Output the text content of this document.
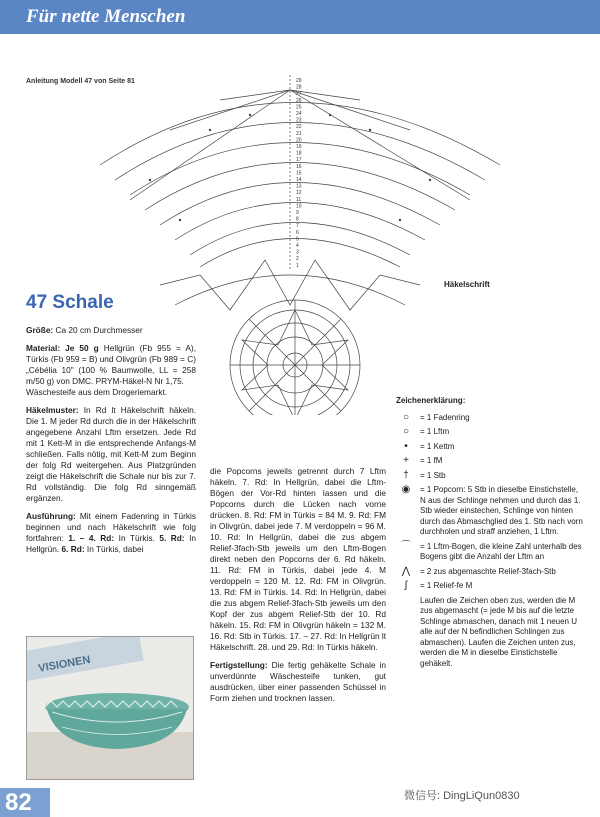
Für nette Menschen
Anleitung Modell 47 von Seite 81	29
28
27
26
25
24
23
22
21
20
19
18
17
16
15
14
13
12
11
10
9
8
7
6
5
4
3
2
1
Häkelschrift
47 Schale

Größe: Ca 20 cm Durchmesser

Material: Je 50 g Hellgrün (Fb 955 = A), Türkis (Fb 959 = B) und Olivgrün (Fb 989 = C) „Cébélia 10" (100 % Baumwolle, LL = 258 m/50 g) von DMC. PRYM-Häkel-N Nr 1,75.
Wäschesteife aus dem Drogeriemarkt.

Häkelmuster: In Rd lt Häkelschrift häkeln. Die 1. M jeder Rd durch die in der Häkelschrift angegebene Anzahl Lftm ersetzen. Jede Rd mit 1 Kett-M in die entsprechende Anfangs-M schließen. Falls nötig, mit Kett-M zum Beginn der folg Rd weitergehen. Aus Platzgründen zeigt die Häkelschrift die Schale nur bis zur 7. Rd vollständig. Die folg Rd sinngemäß ergänzen.

Ausführung: Mit einem Fadenring in Türkis beginnen und nach Häkelschrift wie folg fortfahren: 1. – 4. Rd: In Türkis. 5. Rd: In Hellgrün. 6. Rd: In Türkis, dabei

die Popcorns jeweils getrennt durch 7 Lftm häkeln. 7. Rd: In Hellgrün, dabei die Lftm-Bögen der Vor-Rd hinten lassen und die Popcorns durch die Lücken nach vorne drücken. 8. Rd: FM in Türkis = 84 M. 9. Rd: FM in Olivgrün, dabei jede 7. M verdoppeln = 96 M. 10. Rd: In Hellgrün, dabei die zus abgem Relief-3fach-Stb jeweils um den Lftm-Bogen direkt neben den Popcorns der 6. Rd häkeln. 11. Rd: FM in Türkis, dabei jede 4. M verdoppeln = 120 M. 12. Rd: FM in Olivgrün. 13. Rd: FM in Türkis. 14. Rd: In Hellgrün, dabei die zus abgem Relief-3fach-Stb jeweils um den Kopf der zus abgem Relief-Stb der 10. Rd häkeln. 15. Rd: FM in Olivgrün häkeln = 132 M. 16. Rd: Stb in Türkis. 17. – 27. Rd: In Hellgrün lt Häkelschrift. 28. und 29. Rd: In Türkis häkeln.

Fertigstellung: Die fertig gehäkelte Schale in unverdünnte Wäschesteife tunken, gut ausdrücken, über einer passenden Schüssel in Form ziehen und trocknen lassen.

VISIONEN
Zeichenerklärung:
○	= 1 Fadenring
○	= 1 Lftm
•	= 1 Kettm
+	= 1 fM
†	= 1 Stb
◉	= 1 Popcorn: 5 Stb in dieselbe Einstichstelle, N aus der Schlinge nehmen und durch das 1. Stb wieder einstechen, Schlinge von hinten durch das Abmaschglied des 1. Stb nach vorn durchholen und straff anziehen, 1 Lftm.
⌒	= 1 Lftm-Bogen, die kleine Zahl unterhalb des Bogens gibt die Anzahl der Lftm an
⋀	= 2 zus abgemaschte Relief-3fach-Stb
ʃ	= 1 Relief-fe M
Laufen die Zeichen oben zus, werden die M zus abgemascht (= jede M bis auf die letzte Schlinge abmaschen, danach mit 1 neuen U alle auf der N befindlichen Schlingen zus abmaschen). Laufen die Zeichen unten zus, werden die M in dieselbe Einstichstelle gehäkelt.
82	微信号: DingLiQun0830
